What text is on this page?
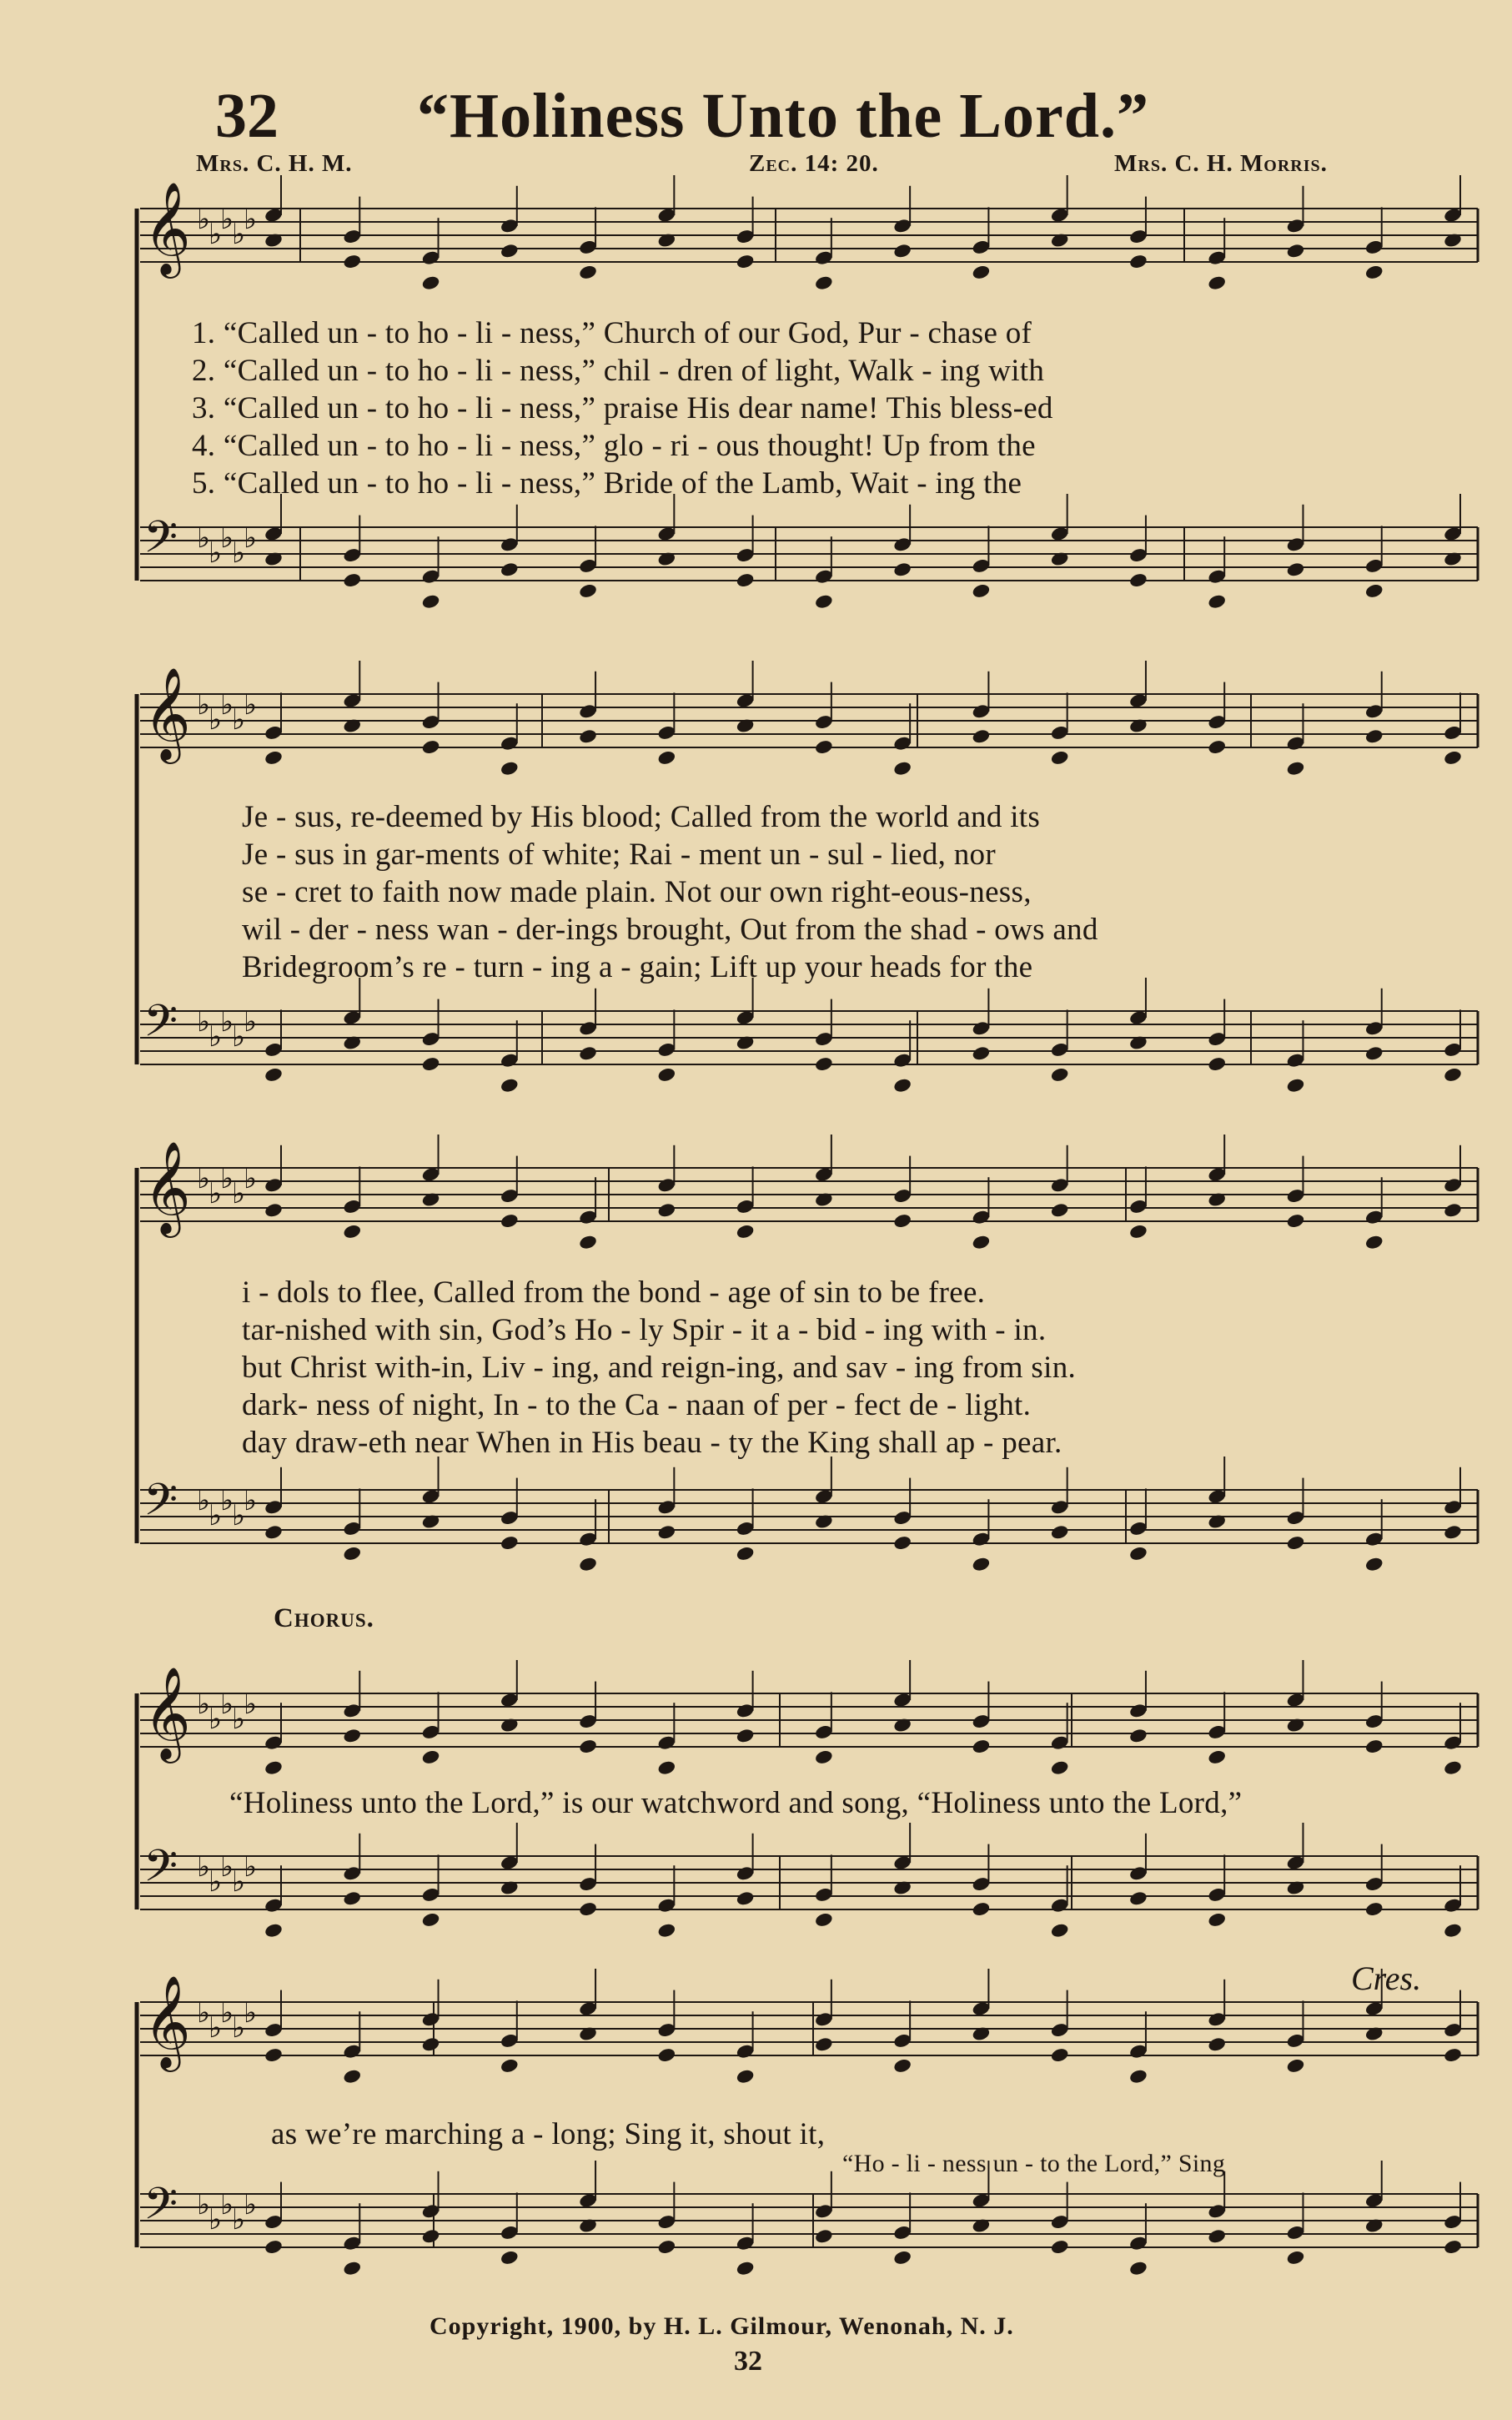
32 “Holiness Unto the Lord.”
Mrs. C. H. M.	Zec. 14: 20.	Mrs. C. H. Morris.
𝄞 ♭
♭
♭
♭
♭
𝄢 ♭
♭
♭
♭
♭
𝄞 ♭
♭
♭
♭
♭
𝄢 ♭
♭
♭
♭
♭
𝄞 ♭
♭
♭
♭
♭
𝄢 ♭
♭
♭
♭
♭
𝄞 ♭
♭
♭
♭
♭
𝄢 ♭
♭
♭
♭
♭
𝄞 ♭
♭
♭
♭
♭
𝄢 ♭
♭
♭
♭
♭
1. “Called un - to ho - li - ness,” Church of our God, Pur - chase of
2. “Called un - to ho - li - ness,” chil - dren of light, Walk - ing with
3. “Called un - to ho - li - ness,” praise His dear name! This bless-ed
4. “Called un - to ho - li - ness,” glo - ri - ous thought! Up from the
5. “Called un - to ho - li - ness,” Bride of the Lamb, Wait - ing the
Je - sus, re-deemed by His blood; Called from the world and its
Je - sus in gar-ments of white; Rai - ment un - sul - lied, nor
se - cret to faith now made plain. Not our own right-eous-ness,
wil - der - ness wan - der-ings brought, Out from the shad - ows and
Bridegroom’s re - turn - ing a - gain; Lift up your heads for the
i - dols to flee, Called from the bond - age of sin to be free.
tar-nished with sin, God’s Ho - ly Spir - it a - bid - ing with - in.
but Christ with-in, Liv - ing, and reign-ing, and sav - ing from sin.
dark- ness of night, In - to the Ca - naan of per - fect de - light.
day draw-eth near When in His beau - ty the King shall ap - pear.
Chorus.
“Holiness unto the Lord,” is our watchword and song, “Holiness unto the Lord,”
Cres.
as we’re marching a - long; Sing it, shout it,
“Ho - li - ness un - to the Lord,” Sing
Copyright, 1900, by H. L. Gilmour, Wenonah, N. J.
32
